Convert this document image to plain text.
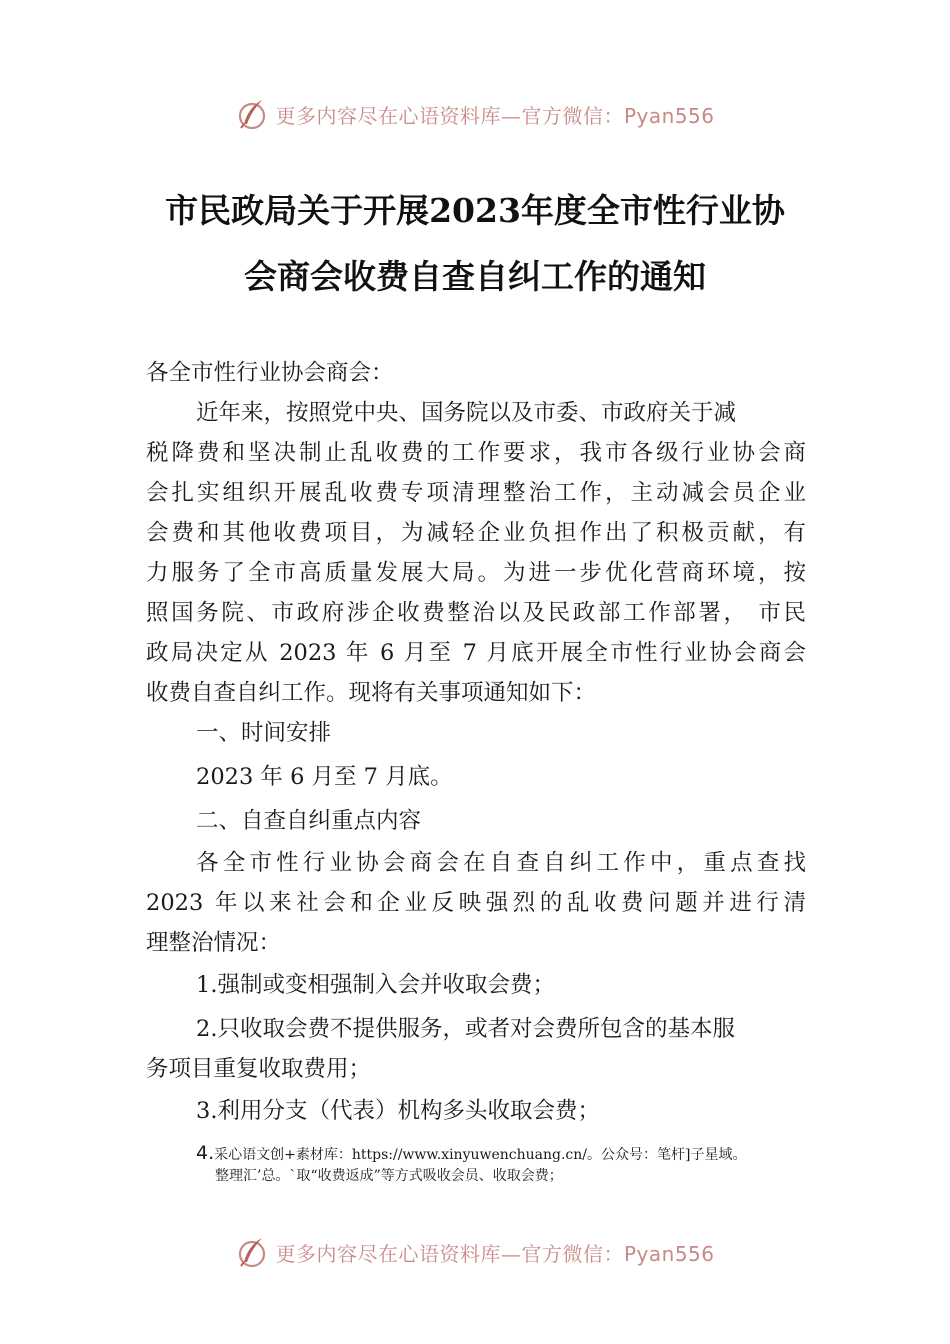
更多内容尽在心语资料库—官方微信：Pyan556
市民政局关于开展2023年度全市性行业协
会商会收费自查自纠工作的通知
各全市性行业协会商会：
近年来，按照党中央、国务院以及市委、市政府关于减
税降费和坚决制止乱收费的工作要求，我市各级行业协会商
会扎实组织开展乱收费专项清理整治工作，主动减会员企业
会费和其他收费项目，为减轻企业负担作出了积极贡献，有
力服务了全市高质量发展大局。为进一步优化营商环境，按
照国务院、市政府涉企收费整治以及民政部工作部署， 市民
政局决定从 2023 年 6 月至 7 月底开展全市性行业协会商会
收费自查自纠工作。现将有关事项通知如下：
一、时间安排
2023 年 6 月至 7 月底。
二、自查自纠重点内容
各全市性行业协会商会在自查自纠工作中，重点查找
2023 年以来社会和企业反映强烈的乱收费问题并进行清
理整治情况：
1.强制或变相强制入会并收取会费；
2.只收取会费不提供服务，或者对会费所包含的基本服
务项目重复收取费用；
3.利用分支（代表）机构多头收取会费；
4.采心语文创+素材库：https://www.xinyuwenchuang.cn/。公众号：笔杆]子星域。
整理汇’总。`取“收费返成”等方式吸收会员、收取会费；
更多内容尽在心语资料库—官方微信：Pyan556
